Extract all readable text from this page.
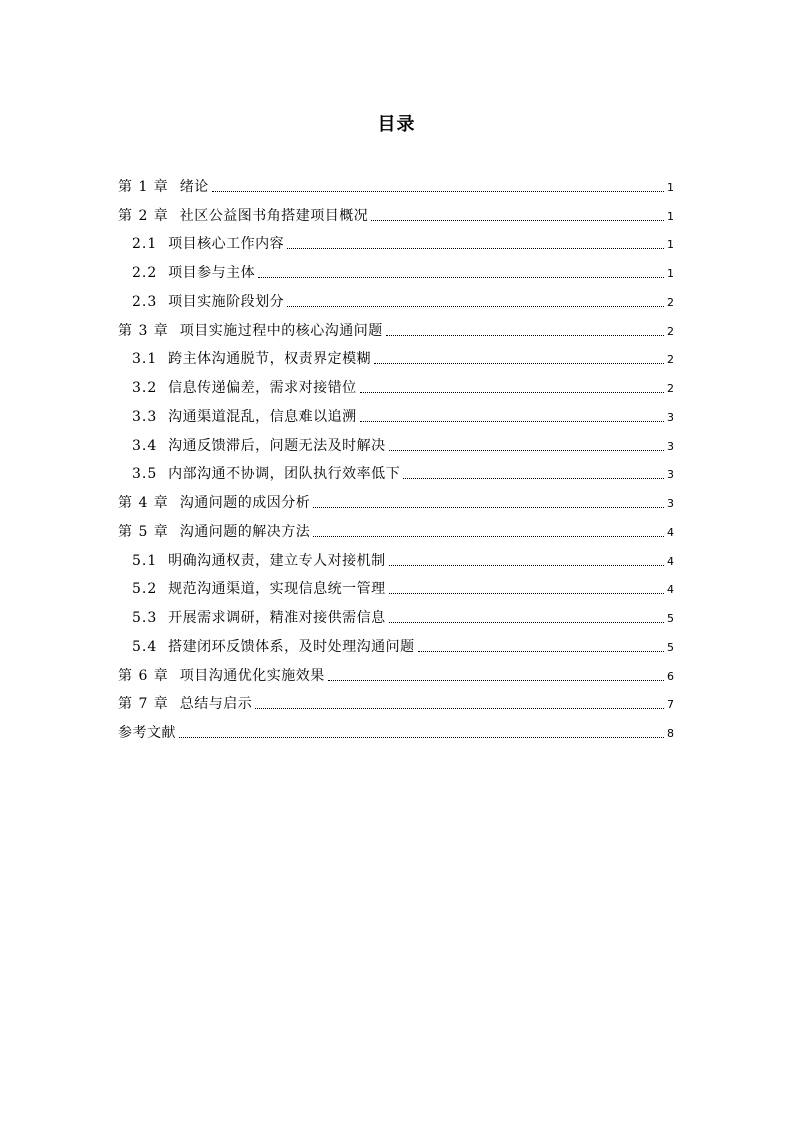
目录
第 1 章 绪论	1
第 2 章 社区公益图书角搭建项目概况	1
2.1 项目核心工作内容	1
2.2 项目参与主体	1
2.3 项目实施阶段划分	2
第 3 章 项目实施过程中的核心沟通问题	2
3.1 跨主体沟通脱节，权责界定模糊	2
3.2 信息传递偏差，需求对接错位	2
3.3 沟通渠道混乱，信息难以追溯	3
3.4 沟通反馈滞后，问题无法及时解决	3
3.5 内部沟通不协调，团队执行效率低下	3
第 4 章 沟通问题的成因分析	3
第 5 章 沟通问题的解决方法	4
5.1 明确沟通权责，建立专人对接机制	4
5.2 规范沟通渠道，实现信息统一管理	4
5.3 开展需求调研，精准对接供需信息	5
5.4 搭建闭环反馈体系，及时处理沟通问题	5
第 6 章 项目沟通优化实施效果	6
第 7 章 总结与启示	7
参考文献	8
